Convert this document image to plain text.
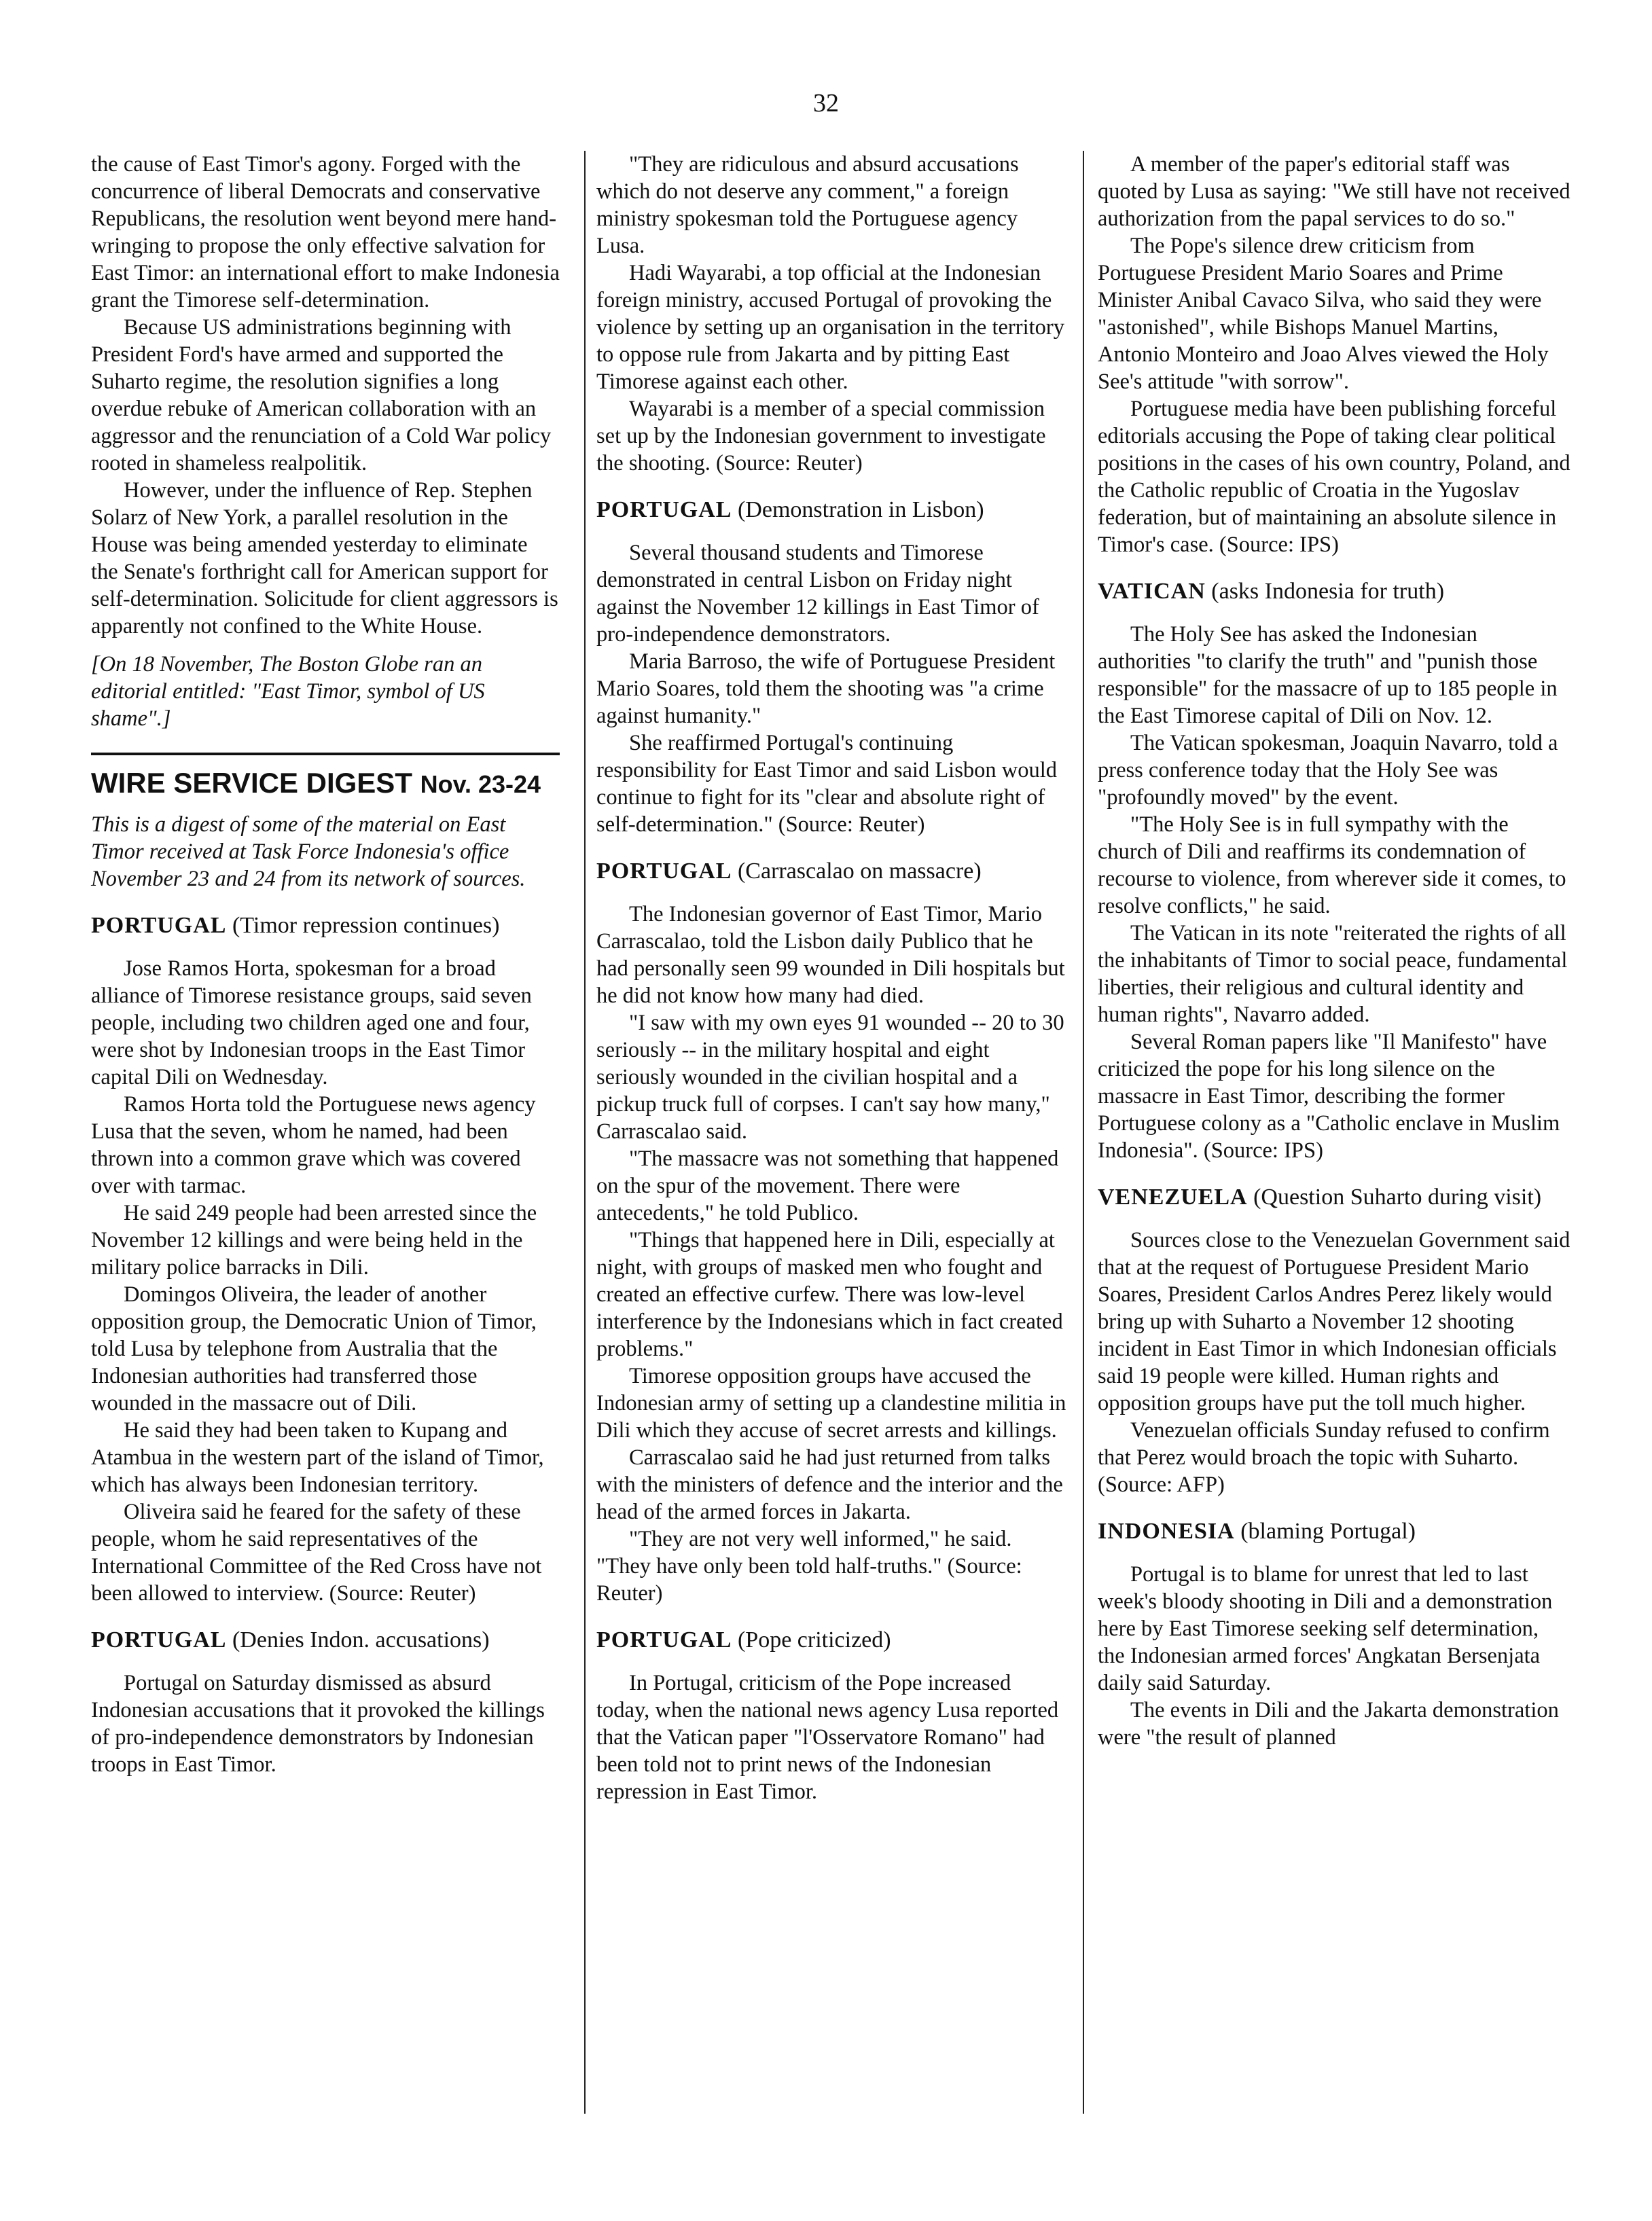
32

the cause of East Timor's agony. Forged with the concurrence of liberal Democrats and conservative Republicans, the resolution went beyond mere hand-wringing to propose the only effective salvation for East Timor: an international effort to make Indonesia grant the Timorese self-determination.

Because US administrations beginning with President Ford's have armed and supported the Suharto regime, the resolution signifies a long overdue rebuke of American collaboration with an aggressor and the renunciation of a Cold War policy rooted in shameless realpolitik.

However, under the influence of Rep. Stephen Solarz of New York, a parallel resolution in the House was being amended yesterday to eliminate the Senate's forthright call for American support for self-determination. Solicitude for client aggressors is apparently not confined to the White House.

[On 18 November, The Boston Globe ran an editorial entitled: "East Timor, symbol of US shame".]

WIRE SERVICE DIGEST Nov. 23-24

This is a digest of some of the material on East Timor received at Task Force Indonesia's office November 23 and 24 from its network of sources.

PORTUGAL (Timor repression continues)

Jose Ramos Horta, spokesman for a broad alliance of Timorese resistance groups, said seven people, including two children aged one and four, were shot by Indonesian troops in the East Timor capital Dili on Wednesday.

Ramos Horta told the Portuguese news agency Lusa that the seven, whom he named, had been thrown into a common grave which was covered over with tarmac.

He said 249 people had been arrested since the November 12 killings and were being held in the military police barracks in Dili.

Domingos Oliveira, the leader of another opposition group, the Democratic Union of Timor, told Lusa by telephone from Australia that the Indonesian authorities had transferred those wounded in the massacre out of Dili.

He said they had been taken to Kupang and Atambua in the western part of the island of Timor, which has always been Indonesian territory.

Oliveira said he feared for the safety of these people, whom he said representatives of the International Committee of the Red Cross have not been allowed to interview. (Source: Reuter)

PORTUGAL (Denies Indon. accusations)

Portugal on Saturday dismissed as absurd Indonesian accusations that it provoked the killings of pro-independence demonstrators by Indonesian troops in East Timor.

"They are ridiculous and absurd accusations which do not deserve any comment," a foreign ministry spokesman told the Portuguese agency Lusa.

Hadi Wayarabi, a top official at the Indonesian foreign ministry, accused Portugal of provoking the violence by setting up an organisation in the territory to oppose rule from Jakarta and by pitting East Timorese against each other.

Wayarabi is a member of a special commission set up by the Indonesian government to investigate the shooting. (Source: Reuter)

PORTUGAL (Demonstration in Lisbon)

Several thousand students and Timorese demonstrated in central Lisbon on Friday night against the November 12 killings in East Timor of pro-independence demonstrators.

Maria Barroso, the wife of Portuguese President Mario Soares, told them the shooting was "a crime against humanity."

She reaffirmed Portugal's continuing responsibility for East Timor and said Lisbon would continue to fight for its "clear and absolute right of self-determination." (Source: Reuter)

PORTUGAL (Carrascalao on massacre)

The Indonesian governor of East Timor, Mario Carrascalao, told the Lisbon daily Publico that he had personally seen 99 wounded in Dili hospitals but he did not know how many had died.

"I saw with my own eyes 91 wounded -- 20 to 30 seriously -- in the military hospital and eight seriously wounded in the civilian hospital and a pickup truck full of corpses. I can't say how many," Carrascalao said.

"The massacre was not something that happened on the spur of the movement. There were antecedents," he told Publico.

"Things that happened here in Dili, especially at night, with groups of masked men who fought and created an effective curfew. There was low-level interference by the Indonesians which in fact created problems."

Timorese opposition groups have accused the Indonesian army of setting up a clandestine militia in Dili which they accuse of secret arrests and killings.

Carrascalao said he had just returned from talks with the ministers of defence and the interior and the head of the armed forces in Jakarta.

"They are not very well informed," he said. "They have only been told half-truths." (Source: Reuter)

PORTUGAL (Pope criticized)

In Portugal, criticism of the Pope increased today, when the national news agency Lusa reported that the Vatican paper "l'Osservatore Romano" had been told not to print news of the Indonesian repression in East Timor.

A member of the paper's editorial staff was quoted by Lusa as saying: "We still have not received authorization from the papal services to do so."

The Pope's silence drew criticism from Portuguese President Mario Soares and Prime Minister Anibal Cavaco Silva, who said they were "astonished", while Bishops Manuel Martins, Antonio Monteiro and Joao Alves viewed the Holy See's attitude "with sorrow".

Portuguese media have been publishing forceful editorials accusing the Pope of taking clear political positions in the cases of his own country, Poland, and the Catholic republic of Croatia in the Yugoslav federation, but of maintaining an absolute silence in Timor's case. (Source: IPS)

VATICAN (asks Indonesia for truth)

The Holy See has asked the Indonesian authorities "to clarify the truth" and "punish those responsible" for the massacre of up to 185 people in the East Timorese capital of Dili on Nov. 12.

The Vatican spokesman, Joaquin Navarro, told a press conference today that the Holy See was "profoundly moved" by the event.

"The Holy See is in full sympathy with the church of Dili and reaffirms its condemnation of recourse to violence, from wherever side it comes, to resolve conflicts," he said.

The Vatican in its note "reiterated the rights of all the inhabitants of Timor to social peace, fundamental liberties, their religious and cultural identity and human rights", Navarro added.

Several Roman papers like "Il Manifesto" have criticized the pope for his long silence on the massacre in East Timor, describing the former Portuguese colony as a "Catholic enclave in Muslim Indonesia". (Source: IPS)

VENEZUELA (Question Suharto during visit)

Sources close to the Venezuelan Government said that at the request of Portuguese President Mario Soares, President Carlos Andres Perez likely would bring up with Suharto a November 12 shooting incident in East Timor in which Indonesian officials said 19 people were killed. Human rights and opposition groups have put the toll much higher.

Venezuelan officials Sunday refused to confirm that Perez would broach the topic with Suharto. (Source: AFP)

INDONESIA (blaming Portugal)

Portugal is to blame for unrest that led to last week's bloody shooting in Dili and a demonstration here by East Timorese seeking self determination, the Indonesian armed forces' Angkatan Bersenjata daily said Saturday.

The events in Dili and the Jakarta demonstration were "the result of planned
